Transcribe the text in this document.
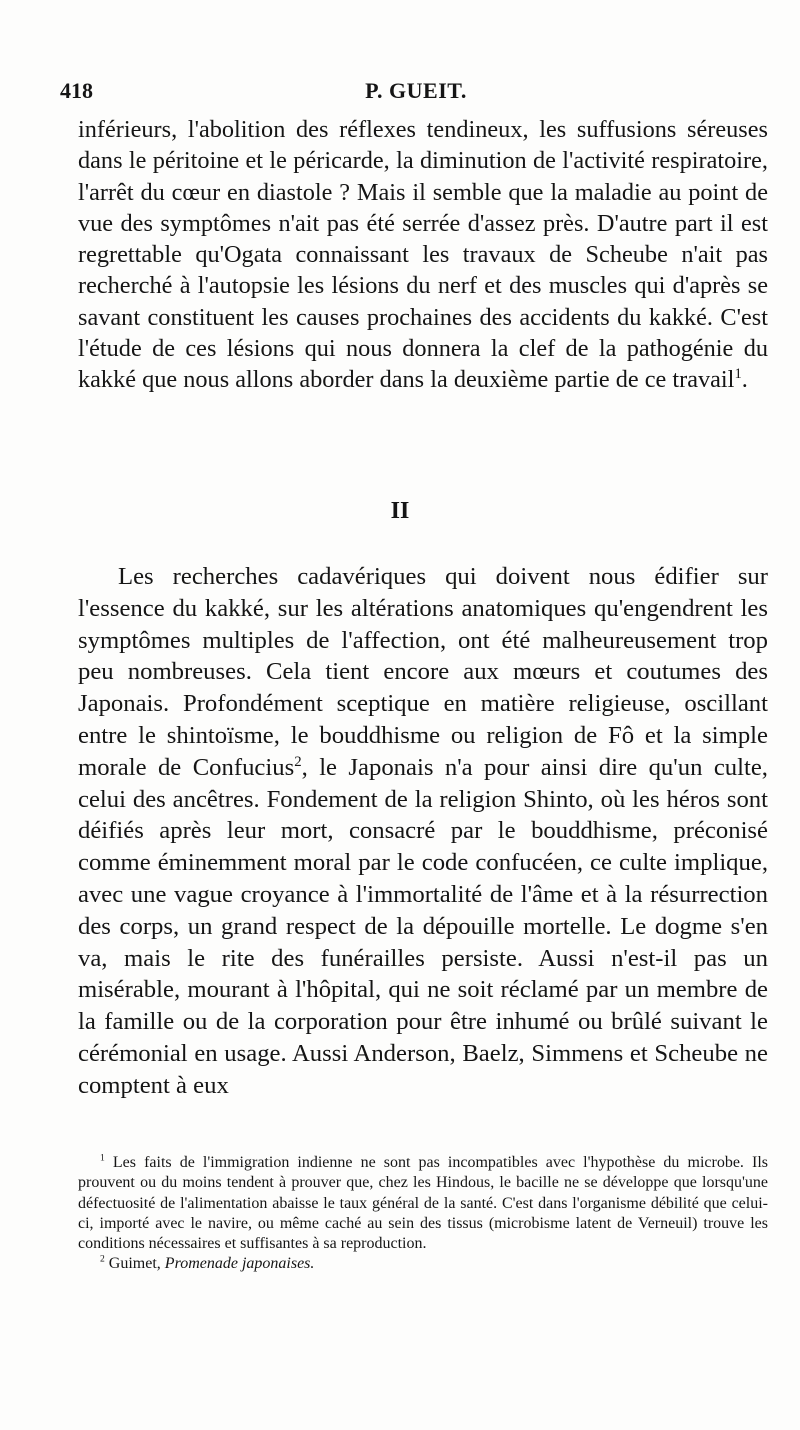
418	P. GUEIT.

inférieurs, l'abolition des réflexes tendineux, les suffusions séreuses dans le péritoine et le péricarde, la diminution de l'activité respiratoire, l'arrêt du cœur en diastole ? Mais il semble que la maladie au point de vue des symptômes n'ait pas été serrée d'assez près. D'autre part il est regrettable qu'Ogata connaissant les travaux de Scheube n'ait pas recherché à l'autopsie les lésions du nerf et des muscles qui d'après se savant constituent les causes prochaines des accidents du kakké. C'est l'étude de ces lésions qui nous donnera la clef de la pathogénie du kakké que nous allons aborder dans la deuxième partie de ce travail$^1$.

II

Les recherches cadavériques qui doivent nous édifier sur l'essence du kakké, sur les altérations anatomiques qu'engendrent les symptômes multiples de l'affection, ont été malheureusement trop peu nombreuses. Cela tient encore aux mœurs et coutumes des Japonais. Profondément sceptique en matière religieuse, oscillant entre le shintoïsme, le bouddhisme ou religion de Fô et la simple morale de Confucius$^2$, le Japonais n'a pour ainsi dire qu'un culte, celui des ancêtres. Fondement de la religion Shinto, où les héros sont déifiés après leur mort, consacré par le bouddhisme, préconisé comme éminemment moral par le code confucéen, ce culte implique, avec une vague croyance à l'immortalité de l'âme et à la résurrection des corps, un grand respect de la dépouille mortelle. Le dogme s'en va, mais le rite des funérailles persiste. Aussi n'est-il pas un misérable, mourant à l'hôpital, qui ne soit réclamé par un membre de la famille ou de la corporation pour être inhumé ou brûlé suivant le cérémonial en usage. Aussi Anderson, Baelz, Simmens et Scheube ne comptent à eux

$^1$ Les faits de l'immigration indienne ne sont pas incompatibles avec l'hypothèse du microbe. Ils prouvent ou du moins tendent à prouver que, chez les Hindous, le bacille ne se développe que lorsqu'une défectuosité de l'alimentation abaisse le taux général de la santé. C'est dans l'organisme débilité que celui-ci, importé avec le navire, ou même caché au sein des tissus (microbisme latent de Verneuil) trouve les conditions nécessaires et suffisantes à sa reproduction.

$^2$ Guimet, Promenade japonaises.
